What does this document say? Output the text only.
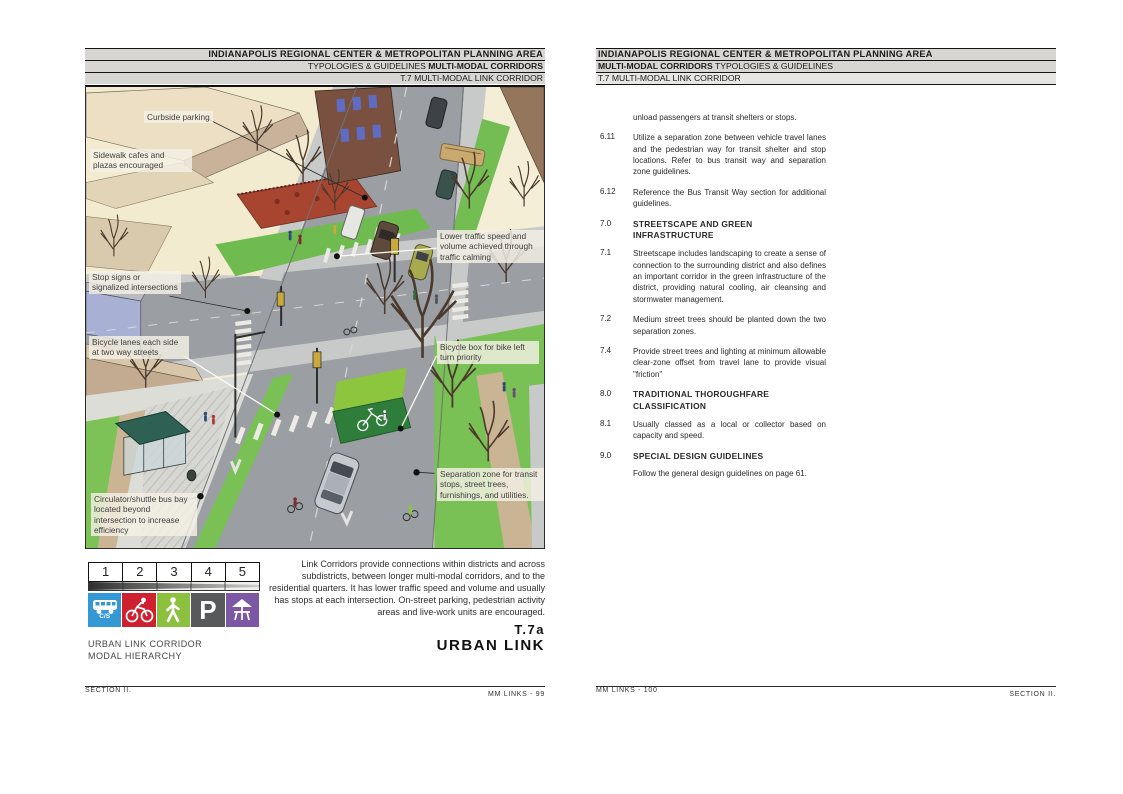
INDIANAPOLIS REGIONAL CENTER & METROPOLITAN PLANNING AREA
TYPOLOGIES & GUIDELINES MULTI-MODAL CORRIDORS
T.7 MULTI-MODAL LINK CORRIDOR
Curbside parking
Sidewalk cafes and plazas encouraged
Stop signs or signalized intersections
Bicycle lanes each side at two way streets
Lower traffic speed and volume achieved through traffic calming
Bicycle box for bike left turn priority
Separation zone for transit stops, street trees, furnishings, and utilities.
Circulator/shuttle bus bay located beyond intersection to increase efficiency
1	2	3	4	5
C/S	P
URBAN LINK CORRIDOR
MODAL HIERARCHY
Link Corridors provide connections within districts and across subdistricts, between longer multi-modal corridors, and to the residential quarters. It has lower traffic speed and volume and usually has stops at each intersection. On-street parking, pedestrian activity areas and live-work units are encouraged.
T.7a
URBAN LINK
SECTION II.
MM LINKS - 99
INDIANAPOLIS REGIONAL CENTER & METROPOLITAN PLANNING AREA
MULTI-MODAL CORRIDORS TYPOLOGIES & GUIDELINES
T.7 MULTI-MODAL LINK CORRIDOR
unload passengers at transit shelters or stops.
6.11	Utilize a separation zone between vehicle travel lanes and the pedestrian way for transit shelter and stop locations. Refer to bus transit way and separation zone guidelines.
6.12	Reference the Bus Transit Way section for additional guidelines.
7.0	STREETSCAPE AND GREEN INFRASTRUCTURE
7.1	Streetscape includes landscaping to create a sense of connection to the surrounding district and also defines an important corridor in the green infrastructure of the district, providing natural cooling, air cleansing and stormwater management.
7.2	Medium street trees should be planted down the two separation zones.
7.4	Provide street trees and lighting at minimum allowable clear-zone offset from travel lane to provide visual "friction"
8.0	TRADITIONAL THOROUGHFARE CLASSIFICATION
8.1	Usually classed as a local or collector based on capacity and speed.
9.0	SPECIAL DESIGN GUIDELINES
Follow the general design guidelines on page 61.
MM LINKS - 100
SECTION II.
